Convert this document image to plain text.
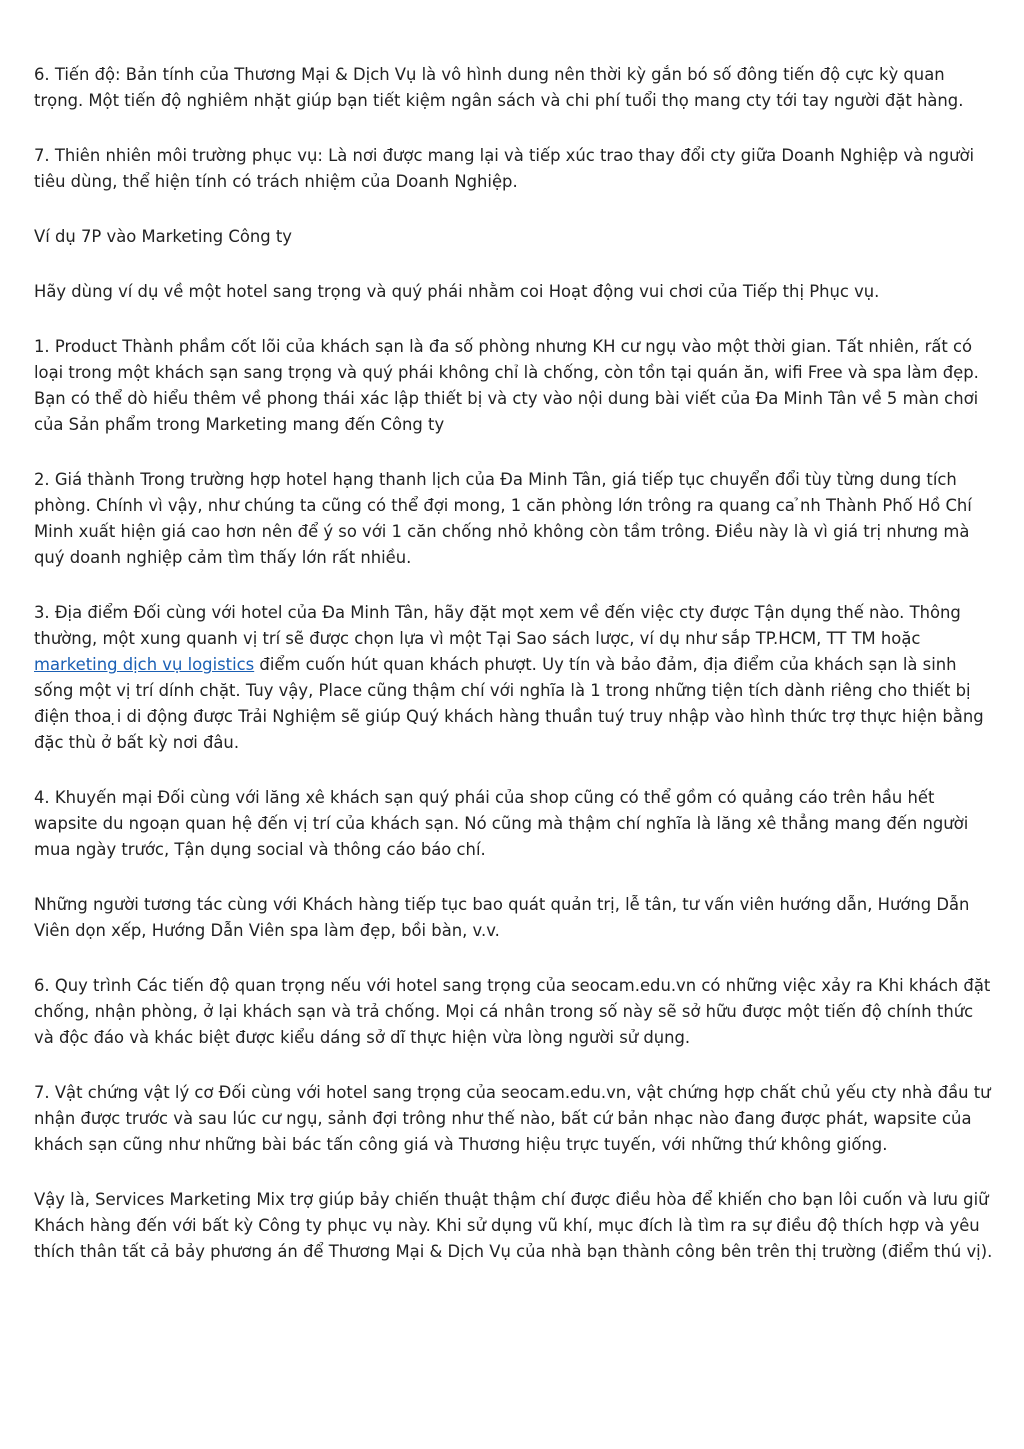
6. Tiến độ: Bản tính của Thương Mại & Dịch Vụ là vô hình dung nên thời kỳ gắn bó số đông tiến độ cực kỳ quan trọng. Một tiến độ nghiêm nhặt giúp bạn tiết kiệm ngân sách và chi phí tuổi thọ mang cty tới tay người đặt hàng.

7. Thiên nhiên môi trường phục vụ: Là nơi được mang lại và tiếp xúc trao thay đổi cty giữa Doanh Nghiệp và người tiêu dùng, thể hiện tính có trách nhiệm của Doanh Nghiệp.

Ví dụ 7P vào Marketing Công ty

Hãy dùng ví dụ về một hotel sang trọng và quý phái nhằm coi Hoạt động vui chơi của Tiếp thị Phục vụ.

1. Product Thành phầm cốt lõi của khách sạn là đa số phòng nhưng KH cư ngụ vào một thời gian. Tất nhiên, rất có loại trong một khách sạn sang trọng và quý phái không chỉ là chống, còn tồn tại quán ăn, wifi Free và spa làm đẹp. Bạn có thể dò hiểu thêm về phong thái xác lập thiết bị và cty vào nội dung bài viết của Đa Minh Tân về 5 màn chơi của Sản phẩm trong Marketing mang đến Công ty

2. Giá thành Trong trường hợp hotel hạng thanh lịch của Đa Minh Tân, giá tiếp tục chuyển đổi tùy từng dung tích phòng. Chính vì vậy, như chúng ta cũng có thể đợi mong, 1 căn phòng lớn trông ra quang ca ̉nh Thành Phố Hồ Chí Minh xuất hiện giá cao hơn nên để ý so với 1 căn chống nhỏ không còn tầm trông. Điều này là vì giá trị nhưng mà quý doanh nghiệp cảm tìm thấy lớn rất nhiều.

3. Địa điểm Đối cùng với hotel của Đa Minh Tân, hãy đặt mọt xem về đến việc cty được Tận dụng thế nào. Thông thường, một xung quanh vị trí sẽ được chọn lựa vì một Tại Sao sách lược, ví dụ như sắp TP.HCM, TT TM hoặc marketing dịch vụ logistics điểm cuốn hút quan khách phượt. Uy tín và bảo đảm, địa điểm của khách sạn là sinh sống một vị trí dính chặt. Tuy vậy, Place cũng thậm chí với nghĩa là 1 trong những tiện tích dành riêng cho thiết bị điện thoa ̣i di động được Trải Nghiệm sẽ giúp Quý khách hàng thuần tuý truy nhập vào hình thức trợ thực hiện bằng đặc thù ở bất kỳ nơi đâu.

4. Khuyến mại Đối cùng với lăng xê khách sạn quý phái của shop cũng có thể gồm có quảng cáo trên hầu hết wapsite du ngoạn quan hệ đến vị trí của khách sạn. Nó cũng mà thậm chí nghĩa là lăng xê thẳng mang đến người mua ngày trước, Tận dụng social và thông cáo báo chí.

Những người tương tác cùng với Khách hàng tiếp tục bao quát quản trị, lễ tân, tư vấn viên hướng dẫn, Hướng Dẫn Viên dọn xếp, Hướng Dẫn Viên spa làm đẹp, bồi bàn, v.v.

6. Quy trình Các tiến độ quan trọng nếu với hotel sang trọng của seocam.edu.vn có những việc xảy ra Khi khách đặt chống, nhận phòng, ở lại khách sạn và trả chống. Mọi cá nhân trong số này sẽ sở hữu được một tiến độ chính thức và độc đáo và khác biệt được kiểu dáng sở dĩ thực hiện vừa lòng người sử dụng.

7. Vật chứng vật lý cơ Đối cùng với hotel sang trọng của seocam.edu.vn, vật chứng hợp chất chủ yếu cty nhà đầu tư nhận được trước và sau lúc cư ngụ, sảnh đợi trông như thế nào, bất cứ bản nhạc nào đang được phát, wapsite của khách sạn cũng như những bài bác tấn công giá và Thương hiệu trực tuyến, với những thứ không giống.

Vậy là, Services Marketing Mix trợ giúp bảy chiến thuật thậm chí được điều hòa để khiến cho bạn lôi cuốn và lưu giữ Khách hàng đến với bất kỳ Công ty phục vụ này. Khi sử dụng vũ khí, mục đích là tìm ra sự điều độ thích hợp và yêu thích thân tất cả bảy phương án để Thương Mại & Dịch Vụ của nhà bạn thành công bên trên thị trường (điểm thú vị).
